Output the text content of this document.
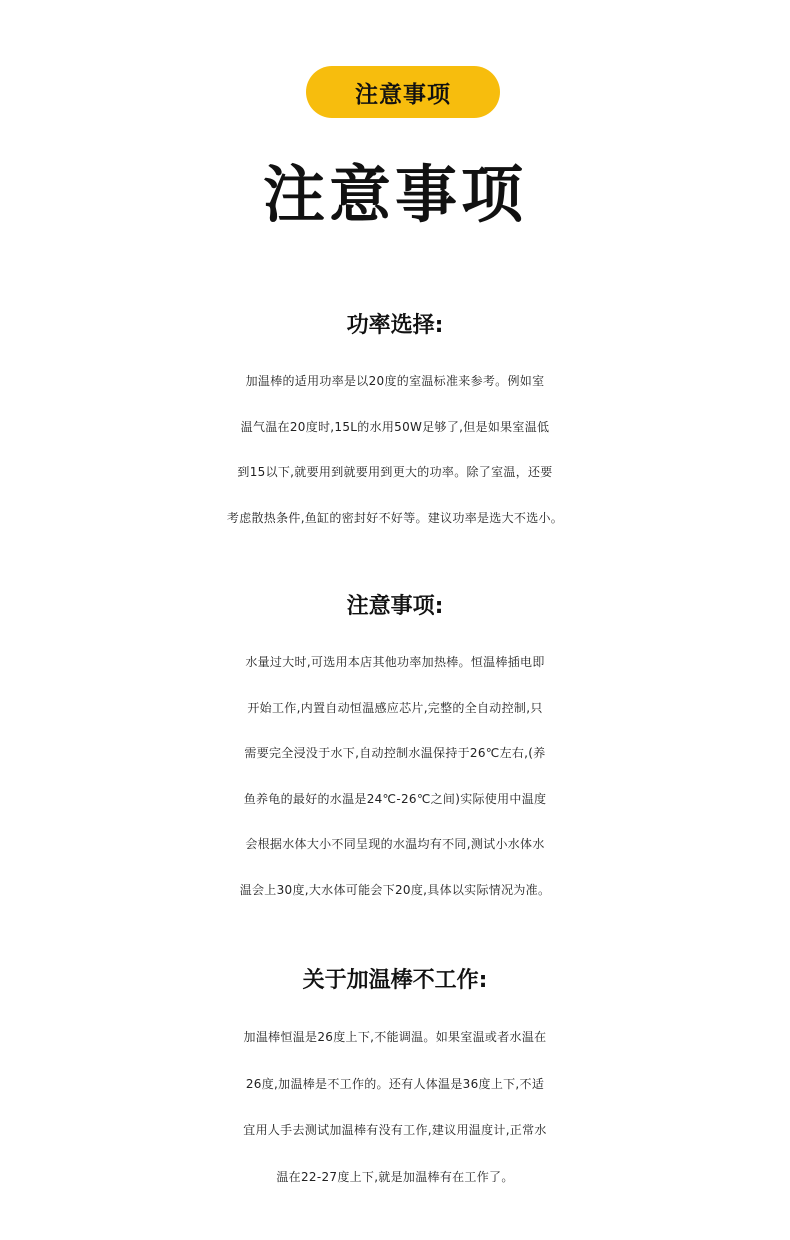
注意事项
注意事项
功率选择:
加温棒的适用功率是以20度的室温标准来参考。例如室
温气温在20度时,15L的水用50W足够了,但是如果室温低
到15以下,就要用到就要用到更大的功率。除了室温，还要
考虑散热条件,鱼缸的密封好不好等。建议功率是选大不选小。
注意事项:
水量过大时,可选用本店其他功率加热棒。恒温棒插电即
开始工作,内置自动恒温感应芯片,完整的全自动控制,只
需要完全浸没于水下,自动控制水温保持于26℃左右,(养
鱼养龟的最好的水温是24℃-26℃之间)实际使用中温度
会根据水体大小不同呈现的水温均有不同,测试小水体水
温会上30度,大水体可能会下20度,具体以实际情况为准。
关于加温棒不工作:
加温棒恒温是26度上下,不能调温。如果室温或者水温在
26度,加温棒是不工作的。还有人体温是36度上下,不适
宜用人手去测试加温棒有没有工作,建议用温度计,正常水
温在22-27度上下,就是加温棒有在工作了。
